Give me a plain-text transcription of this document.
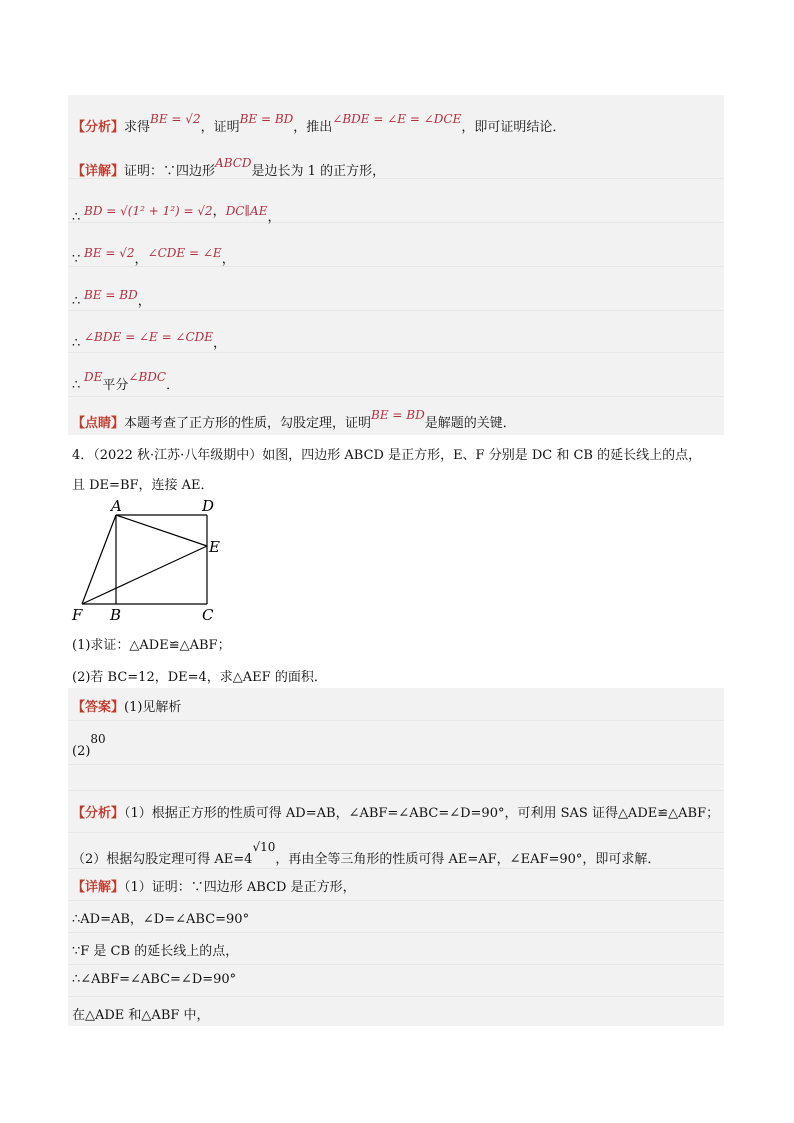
【分析】求得BE = √2，证明BE = BD，推出∠BDE = ∠E = ∠DCE，即可证明结论．
【详解】证明：∵四边形ABCD是边长为 1 的正方形，
∴ BD = √(1² + 1²) = √2，DC∥AE，
∵ BE = √2，∠CDE = ∠E，
∴ BE = BD，
∴ ∠BDE = ∠E = ∠CDE，
∴DE平分∠BDC．
【点睛】本题考查了正方形的性质，勾股定理，证明BE = BD是解题的关键．
4．（2022 秋·江苏·八年级期中）如图，四边形 ABCD 是正方形，E、F 分别是 DC 和 CB 的延长线上的点，
且 DE=BF，连接 AE．
A	D
E
F B	C
(1)求证：△ADE≌△ABF；
(2)若 BC=12，DE=4，求△AEF 的面积．
【答案】(1)见解析
(2)80
【分析】（1）根据正方形的性质可得 AD=AB，∠ABF=∠ABC=∠D=90°，可利用 SAS 证得△ADE≌△ABF；
（2）根据勾股定理可得 AE=4√10，再由全等三角形的性质可得 AE=AF，∠EAF=90°，即可求解．
【详解】（1）证明：∵四边形 ABCD 是正方形，
∴AD=AB，∠D=∠ABC=90°
∵F 是 CB 的延长线上的点，
∴∠ABF=∠ABC=∠D=90°
在△ADE 和△ABF 中，
